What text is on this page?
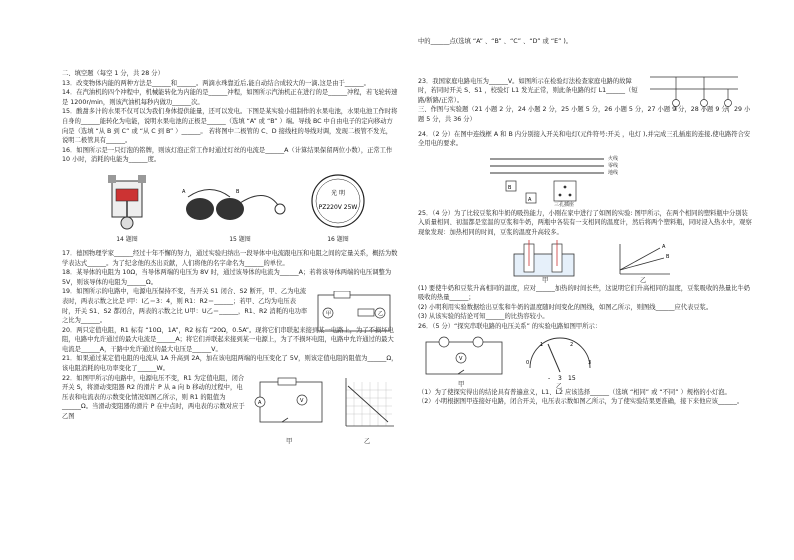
二、填空题（每空 1 分，共 28 分）

13．改变物体内能的两种方法是______和______。两滴水珠靠近后,能自动结合成较大的一滴,这是由于______。

14．在汽油机的四个冲程中，机械能转化为内能的是______冲程，如图所示汽油机正在进行的是______冲程，若飞轮转速是 1200r/min，则该汽油机每秒内做功______次。

15．酸甜多汁的水果不仅可以为我们身体提供能量，还可以发电。下图是某实验小组制作的水果电池，水果电池工作时将自身的______能转化为电能，说明水果电池的正极是______（选填 “A” 或 “B” ）端。导线 BC 中自由电子的定向移动方向是（选填 “从 B 到 C” 或 “从 C 到 B” ）______。 若将图中二极管的 C、D 接线柱的导线对调，发现二极管不发光，说明二极管具有______。

16．如图所示是一只灯泡的铭牌，则该灯泡正常工作时通过灯丝的电流是______A（计算结果保留两位小数），正常工作 10 小时，消耗的电能为______度。

14 题图
A	B
15 题图
光 明
PZ220V 25W
16 题图

17．德国物理学家______经过十年不懈的努力，通过实验归纳出一段导体中电流跟电压和电阻之间的定量关系，概括为数学表达式______。为了纪念他的杰出贡献，人们将他的名字命名为______的单位。

18．某导体的电阻为 10Ω，当导体两端的电压为 8V 时，通过该导体的电流为______A；若将该导体两端的电压调整为 5V，则该导体的电阻为______Ω。

19．如图所示的电路中，电源电压保持不变，当开关 S1 闭合、S2 断开，甲、乙为电流表时，两表示数之比是 I甲：I乙＝3：4，则 R1：R2＝______；若甲、乙均为电压表时，开关 S1、S2 都闭合，两表的示数之比 U甲：U乙＝______，R1、R2 消耗的电功率之比为______。

甲	乙

20．两只定值电阻，R1 标有 “10Ω，1A”，R2 标有 “20Ω，0.5A”。现将它们串联起来接到某一电路上，为了不损坏电阻，电路中允许通过的最大电流是______A；将它们并联起来接到某一电源上，为了不损坏电阻，电路中允许通过的最大电流是______A，干路中允许通过的最大电压是______V。

21．如果通过某定值电阻的电流从 1A 升高到 2A，加在该电阻两端的电压变化了 5V，则该定值电阻的阻值为______Ω，该电阻消耗的电功率变化了______W。

22．如图甲所示的电路中，电源电压不变，R1 为定值电阻，闭合开关 S，将滑动变阻器 R2 的滑片 P 从 a 向 b 移动的过程中，电压表和电流表的示数变化情况如图乙所示，则 R1 的阻值为______Ω。当滑动变阻器的滑片 P 在中点时，两电表的示数对应于乙图

A	V
甲	乙

中的______点(选填 “A” 、“B” 、“C” 、“D” 或 “E” )。

23．我国家庭电路电压为______V。如图所示在检验灯法检查家庭电路的故障时，若同时开关 S、S1 ，校验灯 L1 发光正常，则此条电路的灯 L1______（短路/断路/正常）。

三、作图与实验题（21 小题 2 分，24 小题 2 分，25 小题 5 分，26 小题 5 分，27 小题 9 分，28 小题 9 分，29 小题 5 分，共 36 分）

24．（2 分）在图中连线框 A 和 B 内分别接入开关和电灯(元件符号:开关 ，电灯 ),并完成三孔插座的连接,使电路符合安全用电的要求。

B
A
火线
零线
地线
三孔插座

25．（4 分）为了比较豆浆和牛奶的吸热能力，小刚在家中进行了如图的实验: 图甲所示，在两个相同的塑料瓶中分别装入质量相同、初温都是室温的豆浆和牛奶，两瓶中各装有一支相同的温度计，然后将两个塑料瓶，同时浸入热水中，观察现象发现：加热相同的时间，豆浆的温度升高较多。

A
B
甲	乙

(1) 要使牛奶和豆浆升高相同的温度，应对______加热的时间长些，这说明它们升高相同的温度，豆浆吸收的热量比牛奶吸收的热量______；

(2) 小明利用实验数据绘出豆浆和牛奶的温度随时间变化的图线，如图乙所示，则图线______应代表豆浆。

(3) 从该实验的结论可知______的比热容较小。

26．（5 分）“探究串联电路的电压关系” 的实验电路如图甲所示：

V
0
1	2
3
- 3 15
甲	乙

（1）为了使探究得出的结论具有普遍意义，L1、L2 应该选择______（选填 “相同” 或 “不同” ）规格的小灯泡。

（2）小明根据图甲连接好电路，闭合开关，电压表示数如图乙所示，为了使实验结果更准确，接下来他应该______。
